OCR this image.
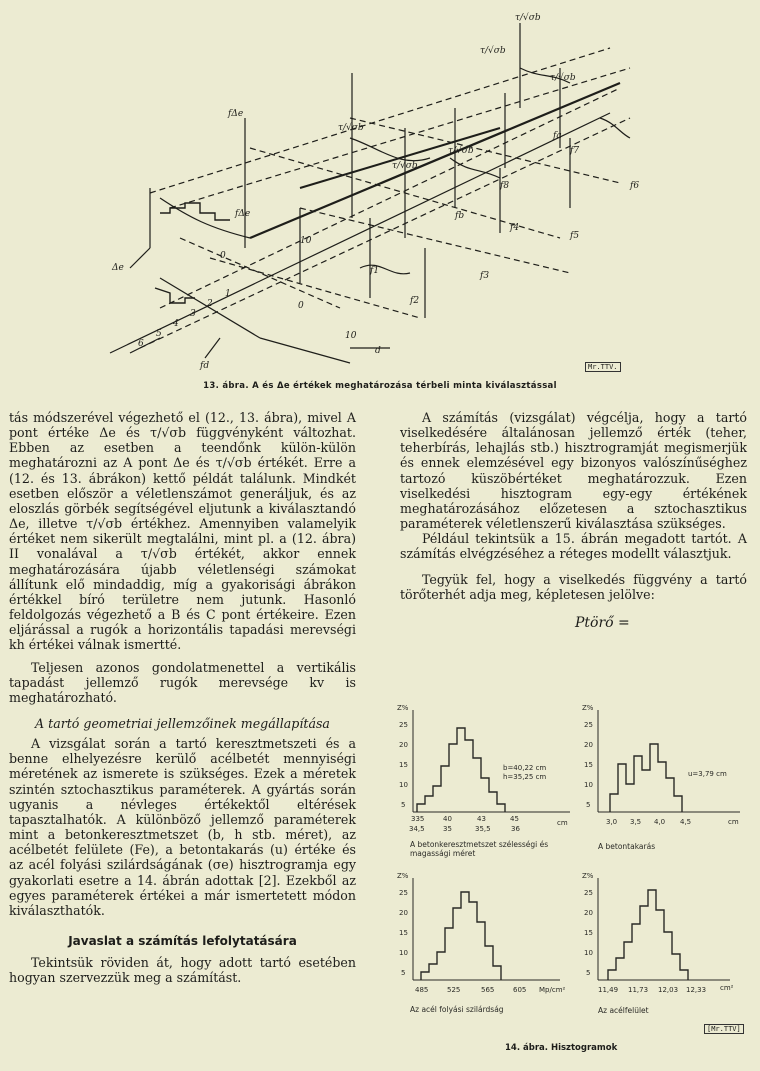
τ/√σb
τ/√σb
τ/√σb
τ/√σb
τ/√σb
τ/√σb
fΔe
fΔe
Δe
fd
d
f1
f2
f3
f4
f5
f6
f7
f8
fb
fa
0
0
10
10
1
2
3
4
5
6
Mr.TTV.
13. ábra. A és Δe értékek meghatározása térbeli minta kiválasztással

tás módszerével végezhető el (12., 13. ábra), mivel A pont értéke Δe és τ/√σb függvényként változhat. Ebben az esetben a teendőnk külön-külön meghatározni az A pont Δe és τ/√σb értékét. Erre a (12. és 13. ábrákon) kettő példát találunk. Mindkét esetben először a véletlenszámot generáljuk, és az eloszlás görbék segítségével eljutunk a kiválasztandó Δe, illetve τ/√σb értékhez. Amennyiben valamelyik értéket nem sikerült megtalálni, mint pl. a (12. ábra) II vonalával a τ/√σb értékét, akkor ennek meghatározására újabb véletlenségi számokat állítunk elő mindaddig, míg a gyakorisági ábrákon értékkel bíró területre nem jutunk. Hasonló feldolgozás végezhető a B és C pont értékeire. Ezen eljárással a rugók a horizontális tapadási merevségi kh értékei válnak ismertté.

Teljesen azonos gondolatmenettel a vertikális tapadást jellemző rugók merevsége kv is meghatározható.

A tartó geometriai jellemzőinek megállapítása

A vizsgálat során a tartó keresztmetszeti és a benne elhelyezésre kerülő acélbetét mennyiségi méretének az ismerete is szükséges. Ezek a méretek szintén sztochasztikus paraméterek. A gyártás során ugyanis a névleges értékektől eltérések tapasztalhatók. A különböző jellemző paraméterek mint a betonkeresztmetszet (b, h stb. méret), az acélbetét felülete (Fe), a betontakarás (u) értéke és az acél folyási szilárdságának (σe) hisztrogramja egy gyakorlati esetre a 14. ábrán adottak [2]. Ezekből az egyes paraméterek értékei a már ismertetett módon kiválaszthatók.

Javaslat a számítás lefolytatására

Tekintsük röviden át, hogy adott tartó esetében hogyan szervezzük meg a számítást.

A számítás (vizsgálat) végcélja, hogy a tartó viselkedésére általánosan jellemző érték (teher, teherbírás, lehajlás stb.) hisztrogramját megismerjük és ennek elemzésével egy bizonyos valószínűséghez tartozó küszöbértéket meghatározzuk. Ezen viselkedési hisztogram egy-egy értékének meghatározásához előzetesen a sztochasztikus paraméterek véletlenszerű kiválasztása szükséges.

Például tekintsük a 15. ábrán megadott tartót. A számítás elvégzéséhez a réteges modellt választjuk.

Tegyük fel, hogy a viselkedés függvény a tartó törőterhét adja meg, képletesen jelölve:

Ptörő =

Z%
25
20
15
10
5
335	40	43	45
34,5	35	35,5	36
cm
b=40,22 cm
h=35,25 cm
A betonkeresztmetszet szélességi és magassági méret
Z%
25
20
15
10
5
3,0 3,5 4,0 4,5	cm
u=3,79 cm
A betontakarás
Z%
25
20
15
10
5
485	525	565	605 Mp/cm²
Az acél folyási szilárdság
Z%
25
20
15
10
5
11,49 11,73 12,03 12,33 cm²
Az acélfelület
[Mr.TTV]
14. ábra. Hisztogramok
